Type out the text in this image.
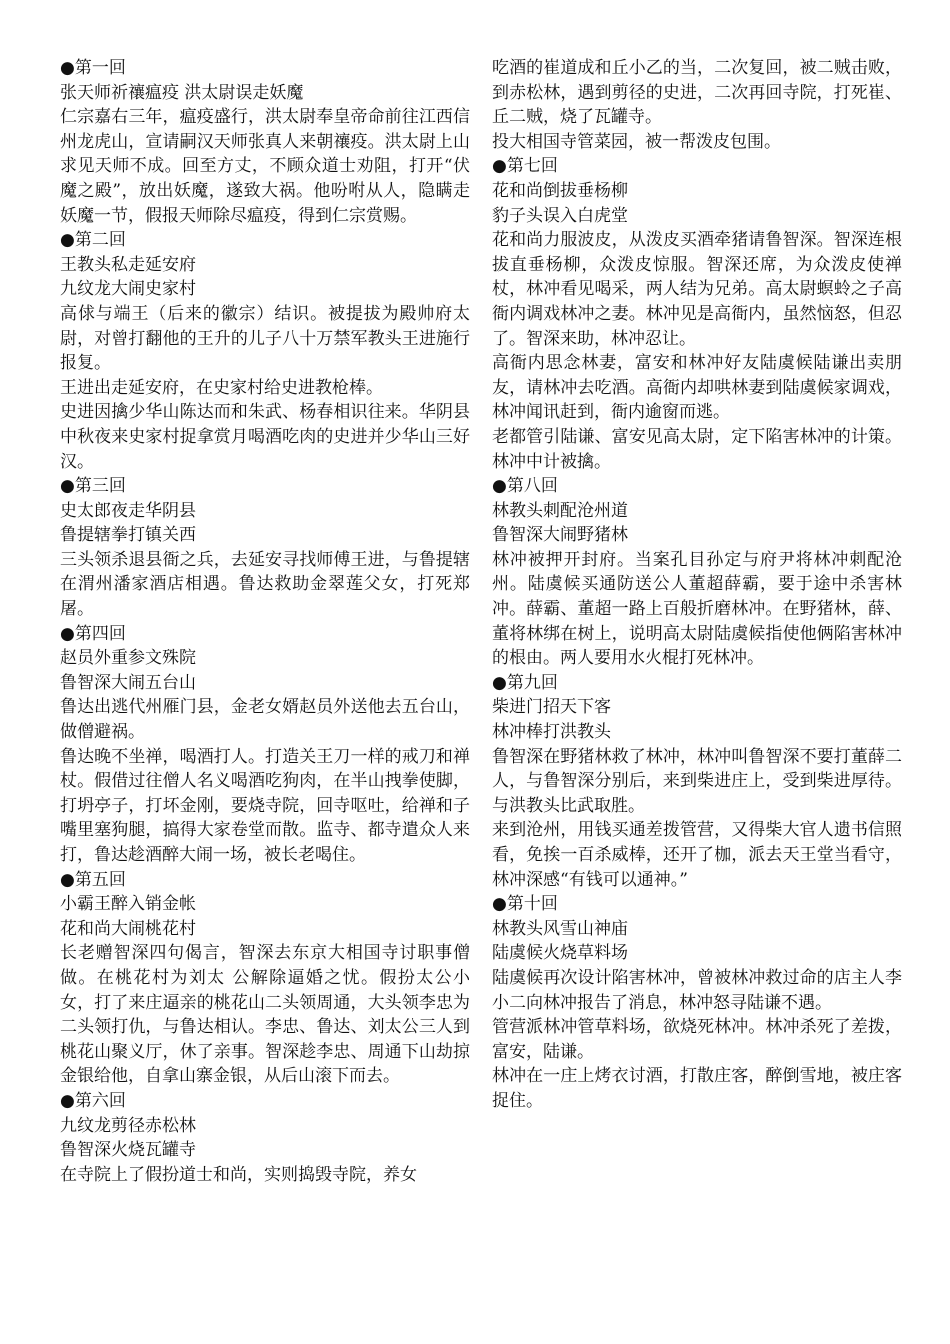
●第一回

张天师祈禳瘟疫 洪太尉误走妖魔

仁宗嘉右三年，瘟疫盛行，洪太尉奉皇帝命前往江西信州龙虎山，宣请嗣汉天师张真人来朝禳疫。洪太尉上山求见天师不成。回至方丈，不顾众道士劝阻，打开“伏魔之殿”，放出妖魔，遂致大祸。他吩咐从人，隐瞒走妖魔一节，假报天师除尽瘟疫，得到仁宗赏赐。

●第二回

王教头私走延安府

九纹龙大闹史家村

高俅与端王（后来的徽宗）结识。被提拔为殿帅府太尉，对曾打翻他的王升的儿子八十万禁军教头王进施行报复。

王进出走延安府，在史家村给史进教枪棒。

史进因擒少华山陈达而和朱武、杨春相识往来。华阴县中秋夜来史家村捉拿赏月喝酒吃肉的史进并少华山三好汉。

●第三回

史太郎夜走华阴县

鲁提辖拳打镇关西

三头领杀退县衙之兵，去延安寻找师傅王进，与鲁提辖在渭州潘家酒店相遇。鲁达救助金翠莲父女，打死郑屠。

●第四回

赵员外重参文殊院

鲁智深大闹五台山

鲁达出逃代州雁门县，金老女婿赵员外送他去五台山，做僧避祸。

鲁达晚不坐禅，喝酒打人。打造关王刀一样的戒刀和禅杖。假借过往僧人名义喝酒吃狗肉，在半山拽拳使脚，打坍亭子，打坏金刚，要烧寺院，回寺呕吐，给禅和子嘴里塞狗腿，搞得大家卷堂而散。监寺、都寺遣众人来打，鲁达趁酒醉大闹一场，被长老喝住。

●第五回

小霸王醉入销金帐

花和尚大闹桃花村

长老赠智深四句偈言，智深去东京大相国寺讨职事僧做。在桃花村为刘太 公解除逼婚之忧。假扮太公小女，打了来庄逼亲的桃花山二头领周通，大头领李忠为二头领打仇，与鲁达相认。李忠、鲁达、刘太公三人到桃花山聚义厅，休了亲事。智深趁李忠、周通下山劫掠金银给他，自拿山寨金银，从后山滚下而去。

●第六回

九纹龙剪径赤松林

鲁智深火烧瓦罐寺

在寺院上了假扮道士和尚，实则捣毁寺院，养女

吃酒的崔道成和丘小乙的当，二次复回，被二贼击败，到赤松林，遇到剪径的史进，二次再回寺院，打死崔、丘二贼，烧了瓦罐寺。

投大相国寺管菜园，被一帮泼皮包围。

●第七回

花和尚倒拔垂杨柳

豹子头误入白虎堂

花和尚力服波皮，从泼皮买酒牵猪请鲁智深。智深连根拔直垂杨柳，众泼皮惊服。智深还席，为众泼皮使禅杖，林冲看见喝采，两人结为兄弟。高太尉螟蛉之子高衙内调戏林冲之妻。林冲见是高衙内，虽然恼怒，但忍了。智深来助，林冲忍让。

高衙内思念林妻，富安和林冲好友陆虞候陆谦出卖朋友，请林冲去吃酒。高衙内却哄林妻到陆虞候家调戏，林冲闻讯赶到，衙内逾窗而逃。

老都管引陆谦、富安见高太尉，定下陷害林冲的计策。林冲中计被擒。

●第八回

林教头刺配沧州道

鲁智深大闹野猪林

林冲被押开封府。当案孔目孙定与府尹将林冲刺配沧州。陆虞候买通防送公人董超薛霸，要于途中杀害林冲。薛霸、董超一路上百般折磨林冲。在野猪林，薛、董将林绑在树上，说明高太尉陆虞候指使他俩陷害林冲的根由。两人要用水火棍打死林冲。

●第九回

柴进门招天下客

林冲棒打洪教头

鲁智深在野猪林救了林冲，林冲叫鲁智深不要打董薛二人，与鲁智深分别后，来到柴进庄上，受到柴进厚待。与洪教头比武取胜。

来到沧州，用钱买通差拨管营，又得柴大官人遗书信照看，免挨一百杀威棒，还开了枷，派去天王堂当看守，林冲深感“有钱可以通神。”

●第十回

林教头风雪山神庙

陆虞候火烧草料场

陆虞候再次设计陷害林冲，曾被林冲救过命的店主人李小二向林冲报告了消息，林冲怒寻陆谦不遇。

管营派林冲管草料场，欲烧死林冲。林冲杀死了差拨，富安，陆谦。

林冲在一庄上烤衣讨酒，打散庄客，醉倒雪地，被庄客捉住。
